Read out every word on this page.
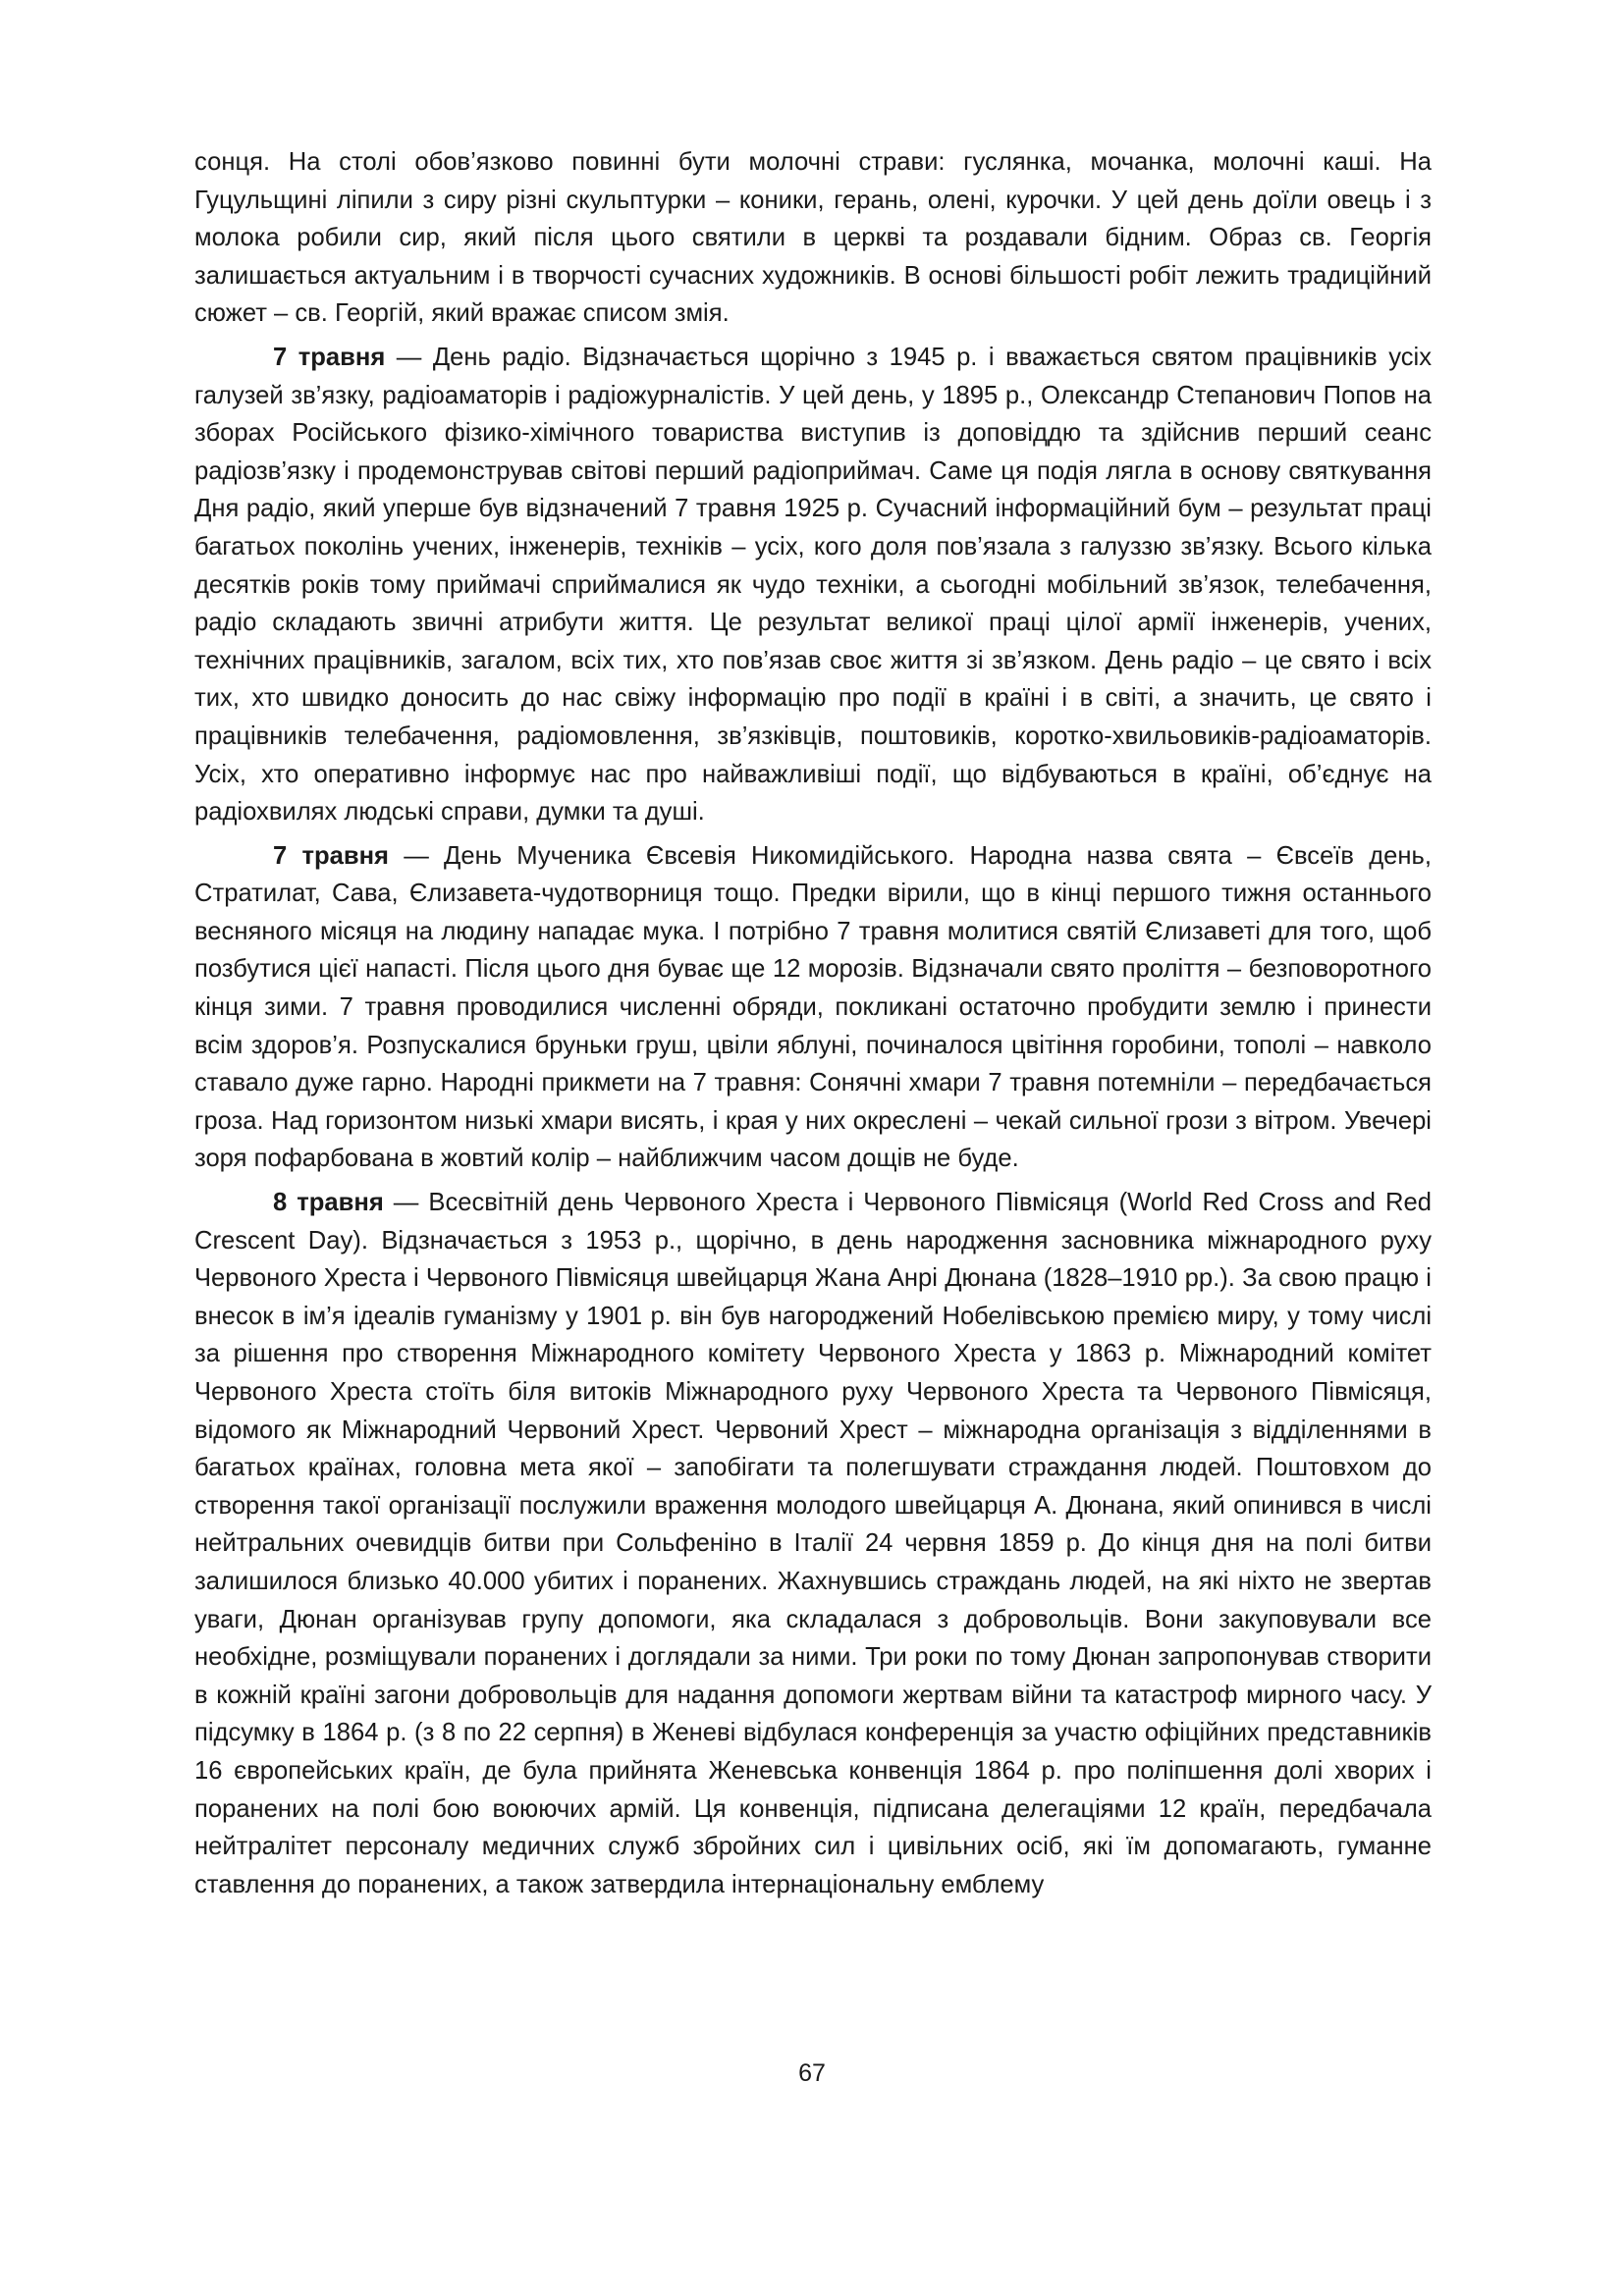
сонця. На столі обов’язково повинні бути молочні страви: гуслянка, мочанка, молочні каші. На Гуцульщині ліпили з сиру різні скульптурки – коники, герань, олені, курочки. У цей день доїли овець і з молока робили сир, який після цього святили в церкві та роздавали бідним. Образ св. Георгія залишається актуальним і в творчості сучасних художників. В основі більшості робіт лежить традиційний сюжет – св. Георгій, який вражає списом змія.

7 травня — День радіо. Відзначається щорічно з 1945 р. і вважається святом працівників усіх галузей зв’язку, радіоаматорів і радіожурналістів. У цей день, у 1895 р., Олександр Степанович Попов на зборах Російського фізико-хімічного товариства виступив із доповіддю та здійснив перший сеанс радіозв’язку і продемонстрував світові перший радіоприймач. Саме ця подія лягла в основу святкування Дня радіо, який уперше був відзначений 7 травня 1925 р. Сучасний інформаційний бум – результат праці багатьох поколінь учених, інженерів, техніків – усіх, кого доля пов’язала з галуззю зв’язку. Всього кілька десятків років тому приймачі сприймалися як чудо техніки, а сьогодні мобільний зв’язок, телебачення, радіо складають звичні атрибути життя. Це результат великої праці цілої армії інженерів, учених, технічних працівників, загалом, всіх тих, хто пов’язав своє життя зі зв’язком. День радіо – це свято і всіх тих, хто швидко доносить до нас свіжу інформацію про події в країні і в світі, а значить, це свято і працівників телебачення, радіомовлення, зв’язківців, поштовиків, коротко-хвильовиків-радіоаматорів. Усіх, хто оперативно інформує нас про найважливіші події, що відбуваються в країні, об’єднує на радіохвилях людські справи, думки та душі.

7 травня — День Мученика Євсевія Никомидійського. Народна назва свята – Євсеїв день, Стратилат, Сава, Єлизавета-чудотворниця тощо. Предки вірили, що в кінці першого тижня останнього весняного місяця на людину нападає мука. І потрібно 7 травня молитися святій Єлизаветі для того, щоб позбутися цієї напасті. Після цього дня буває ще 12 морозів. Відзначали свято проліття – безповоротного кінця зими. 7 травня проводилися численні обряди, покликані остаточно пробудити землю і принести всім здоров’я. Розпускалися бруньки груш, цвіли яблуні, починалося цвітіння горобини, тополі – навколо ставало дуже гарно. Народні прикмети на 7 травня: Сонячні хмари 7 травня потемніли – передбачається гроза. Над горизонтом низькі хмари висять, і края у них окреслені – чекай сильної грози з вітром. Увечері зоря пофарбована в жовтий колір – найближчим часом дощів не буде.

8 травня — Всесвітній день Червоного Хреста і Червоного Півмісяця (World Red Cross and Red Crescent Day). Відзначається з 1953 р., щорічно, в день народження засновника міжнародного руху Червоного Хреста і Червоного Півмісяця швейцарця Жана Анрі Дюнана (1828–1910 рр.). За свою працю і внесок в ім’я ідеалів гуманізму у 1901 р. він був нагороджений Нобелівською премією миру, у тому числі за рішення про створення Міжнародного комітету Червоного Хреста у 1863 р. Міжнародний комітет Червоного Хреста стоїть біля витоків Міжнародного руху Червоного Хреста та Червоного Півмісяця, відомого як Міжнародний Червоний Хрест. Червоний Хрест – міжнародна організація з відділеннями в багатьох країнах, головна мета якої – запобігати та полегшувати страждання людей. Поштовхом до створення такої організації послужили враження молодого швейцарця А. Дюнана, який опинився в числі нейтральних очевидців битви при Сольфеніно в Італії 24 червня 1859 р. До кінця дня на полі битви залишилося близько 40.000 убитих і поранених. Жахнувшись страждань людей, на які ніхто не звертав уваги, Дюнан організував групу допомоги, яка складалася з добровольців. Вони закуповували все необхідне, розміщували поранених і доглядали за ними. Три роки по тому Дюнан запропонував створити в кожній країні загони добровольців для надання допомоги жертвам війни та катастроф мирного часу. У підсумку в 1864 р. (з 8 по 22 серпня) в Женеві відбулася конференція за участю офіційних представників 16 європейських країн, де була прийнята Женевська конвенція 1864 р. про поліпшення долі хворих і поранених на полі бою воюючих армій. Ця конвенція, підписана делегаціями 12 країн, передбачала нейтралітет персоналу медичних служб збройних сил і цивільних осіб, які їм допомагають, гуманне ставлення до поранених, а також затвердила інтернаціональну емблему

67
